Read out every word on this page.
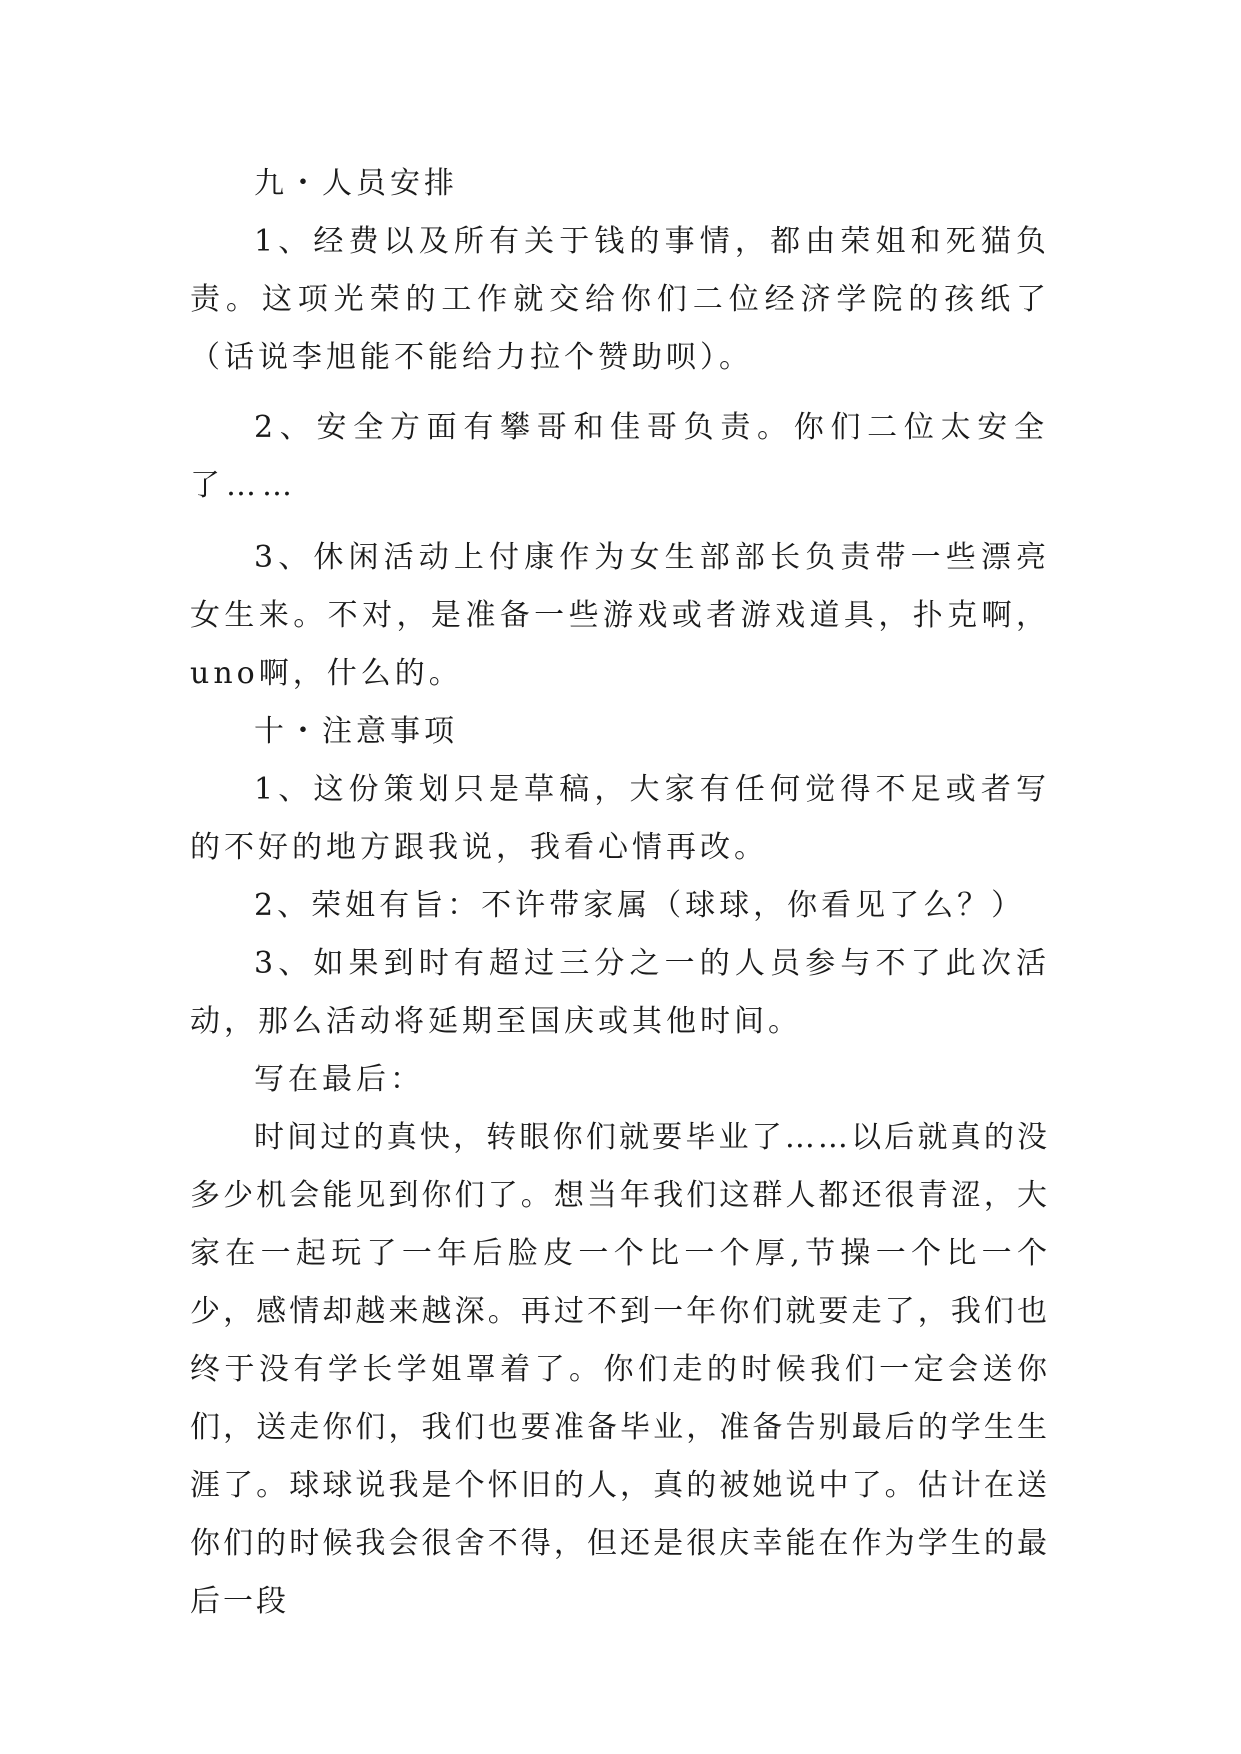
九・人员安排

1、经费以及所有关于钱的事情，都由荣姐和死猫负责。这项光荣的工作就交给你们二位经济学院的孩纸了（话说李旭能不能给力拉个赞助呗）。

2、安全方面有攀哥和佳哥负责。你们二位太安全了……

3、休闲活动上付康作为女生部部长负责带一些漂亮女生来。不对，是准备一些游戏或者游戏道具，扑克啊，uno啊，什么的。

十・注意事项

1、这份策划只是草稿，大家有任何觉得不足或者写的不好的地方跟我说，我看心情再改。

2、荣姐有旨：不许带家属（球球，你看见了么？）

3、如果到时有超过三分之一的人员参与不了此次活动，那么活动将延期至国庆或其他时间。

写在最后：

时间过的真快，转眼你们就要毕业了……以后就真的没多少机会能见到你们了。想当年我们这群人都还很青涩，大家在一起玩了一年后脸皮一个比一个厚,节操一个比一个少，感情却越来越深。再过不到一年你们就要走了，我们也终于没有学长学姐罩着了。你们走的时候我们一定会送你们，送走你们，我们也要准备毕业，准备告别最后的学生生涯了。球球说我是个怀旧的人，真的被她说中了。估计在送你们的时候我会很舍不得，但还是很庆幸能在作为学生的最后一段
